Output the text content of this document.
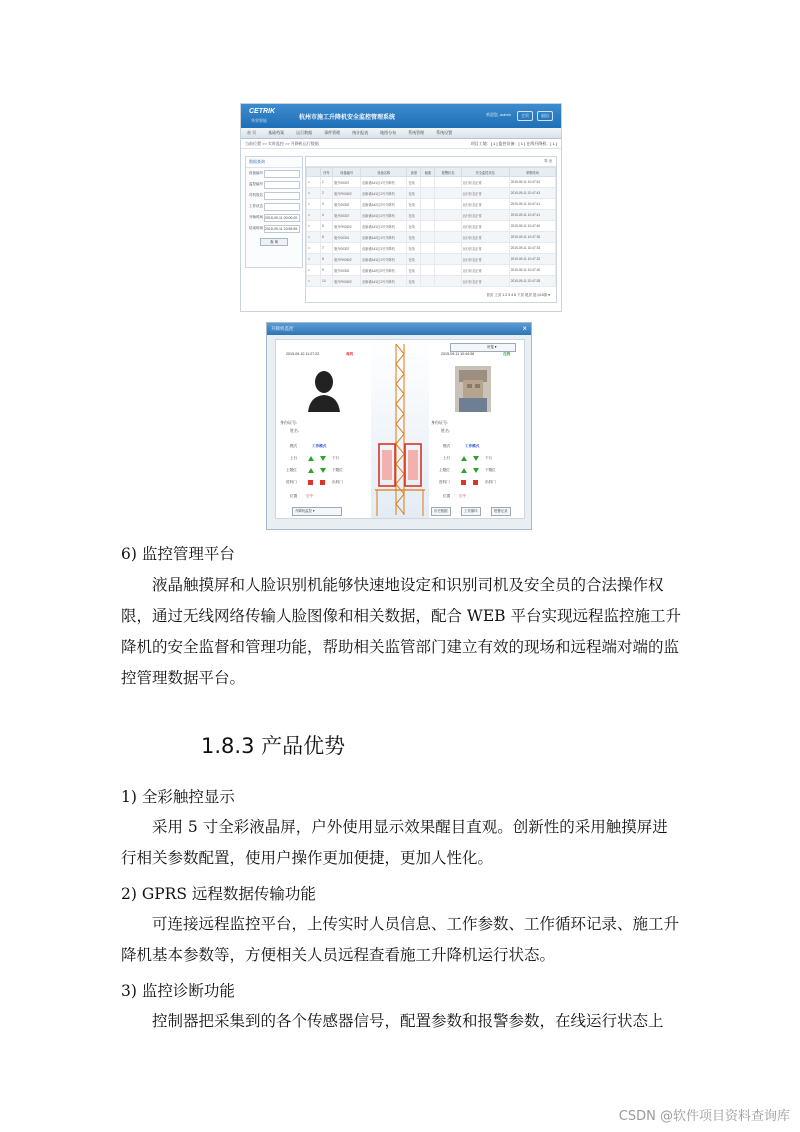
CETRIK
华荣智能	杭州市施工升降机安全监控管理系统
欢迎您, admin	主页	退出
首 页	基础档案	运行数据	事件管理	统计报表	地图分布	系统管理	系统设置
当前位置 >> 实时监控 >> 升降机运行数据	项目工地：[ 1 ] 监控设备：[ 1 ] 在线升降机：[ 1 ]
数据查询
设备编号
监控编号
司机姓名
工作状态
开始时间 2015-09-11 00:00:00
结束时间 2015-09-11 23:59:59
查 询
导 出
	序号	设备编号	设备名称	高度	载重	报警状态	安全监控状态	采集时间
□	1	施升00307	创新港1#1区1号升降机	在线			运行状态正常	2015-09-11 10:47:51
□	2	施升FK0502	创新港1#1区1号升降机	在线			运行状态正常	2015-09-11 10:47:43
□	3	施升00302	创新港1#2区2号升降机	在线			运行状态正常	2015-09-11 10:47:41
□	4	施升00307	创新港1#1区1号升降机	在线			运行状态正常	2015-09-11 10:47:41
□	5	施升FK0502	创新港1#1区1号升降机	在线			运行状态正常	2015-09-11 10:47:40
□	6	施升00301	创新港1#2区1号升降机	在线			运行状态正常	2015-09-11 10:47:35
□	7	施升00307	创新港1#1区1号升降机	在线			运行状态正常	2015-09-11 10:47:33
□	8	施升FK0502	创新港1#1区1号升降机	在线			运行状态正常	2015-09-11 10:47:32
□	9	施升00302	创新港1#2区2号升降机	在线			运行状态正常	2015-09-11 10:47:30
□	10	施升FK0502	创新港1#1区1号升降机	在线			运行状态正常	2015-09-11 10:47:28
首页 上页 1 2 3 4 5 下页 尾页 显示10条 ▾
升降机监控	×
吊笼 ▾
2015-09-10 11:27:22	离线
身份证号:
姓名:
模式	工作模式
上行	下行
上限位	下限位
进料门	出料门
位置 空中
升降机监控 ▾
2015-09-11 10:44:38	在线
身份证号:
姓名:
模式	工作模式
上行	下行
上限位	下限位
进料门	出料门
位置 空中
历史数据	工作循环	报警记录
6) 监控管理平台
液晶触摸屏和人脸识别机能够快速地设定和识别司机及安全员的合法操作权限，通过无线网络传输人脸图像和相关数据，配合 WEB 平台实现远程监控施工升降机的安全监督和管理功能，帮助相关监管部门建立有效的现场和远程端对端的监控管理数据平台。
1.8.3 产品优势
1) 全彩触控显示
采用 5 寸全彩液晶屏，户外使用显示效果醒目直观。创新性的采用触摸屏进行相关参数配置，使用户操作更加便捷，更加人性化。
2) GPRS 远程数据传输功能
可连接远程监控平台，上传实时人员信息、工作参数、工作循环记录、施工升降机基本参数等，方便相关人员远程查看施工升降机运行状态。
3) 监控诊断功能
控制器把采集到的各个传感器信号，配置参数和报警参数，在线运行状态上
CSDN @软件项目资料查询库
